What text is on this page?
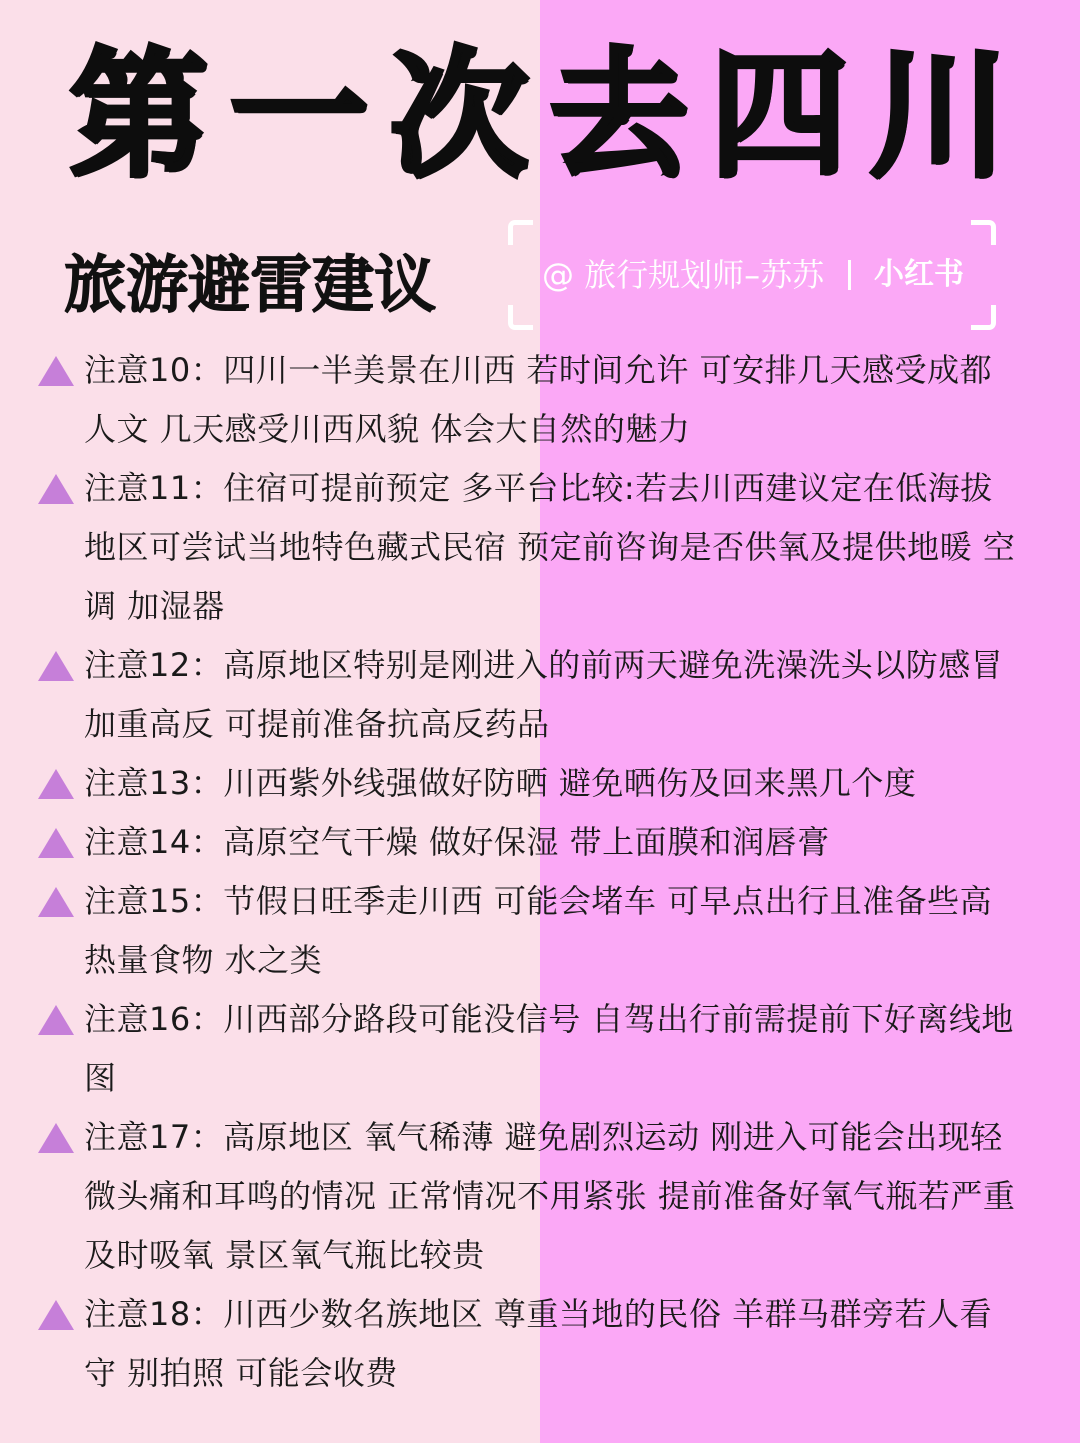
第一次去四川
旅游避雷建议	@ 旅行规划师–苏苏 小红书
注意10：四川一半美景在川西 若时间允许 可安排几天感受成都人文 几天感受川西风貌 体会大自然的魅力
注意11：住宿可提前预定 多平台比较:若去川西建议定在低海拔地区可尝试当地特色藏式民宿 预定前咨询是否供氧及提供地暖 空调 加湿器
注意12：高原地区特别是刚进入的前两天避免洗澡洗头以防感冒加重高反 可提前准备抗高反药品
注意13：川西紫外线强做好防晒 避免晒伤及回来黑几个度
注意14：高原空气干燥 做好保湿 带上面膜和润唇膏
注意15：节假日旺季走川西 可能会堵车 可早点出行且准备些高热量食物 水之类
注意16：川西部分路段可能没信号 自驾出行前需提前下好离线地图
注意17：高原地区 氧气稀薄 避免剧烈运动 刚进入可能会出现轻微头痛和耳鸣的情况 正常情况不用紧张 提前准备好氧气瓶若严重及时吸氧 景区氧气瓶比较贵
注意18：川西少数名族地区 尊重当地的民俗 羊群马群旁若人看守 别拍照 可能会收费
